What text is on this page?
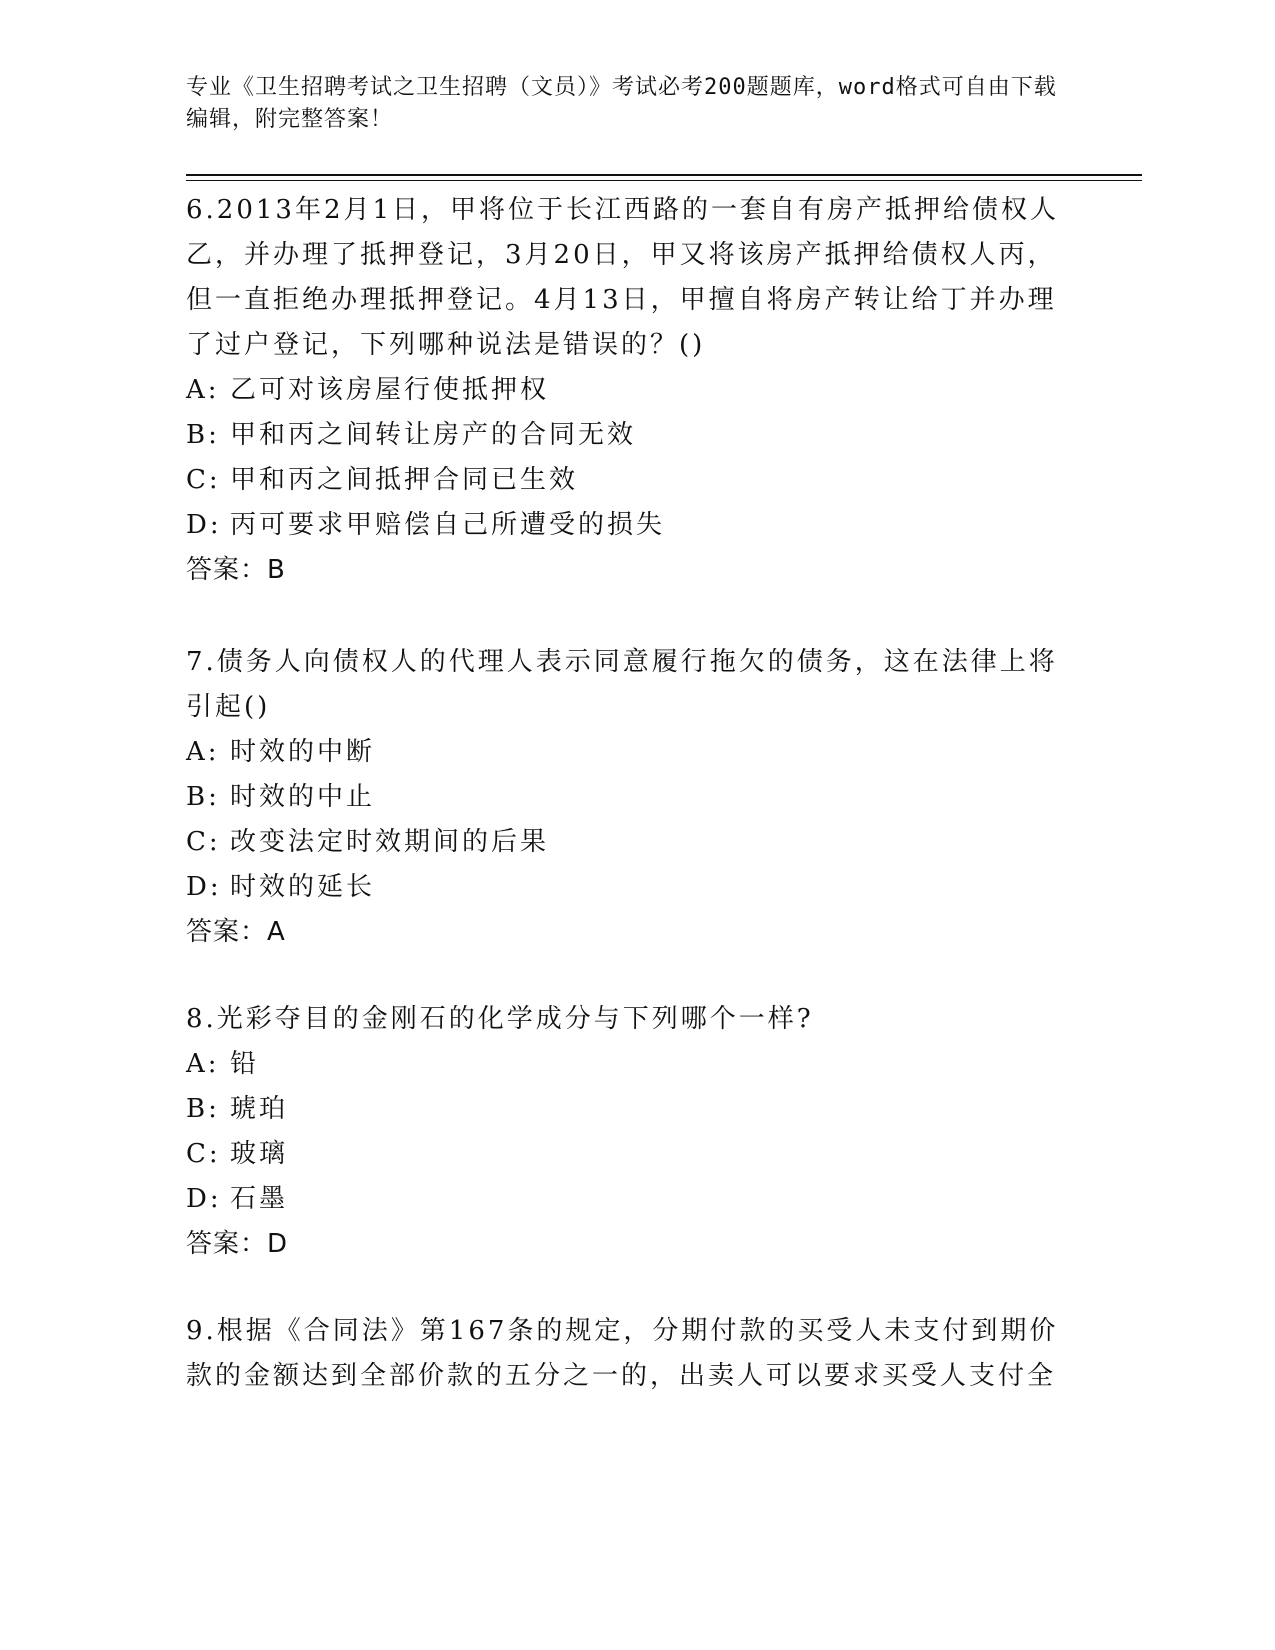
专业《卫生招聘考试之卫生招聘（文员）》考试必考200题题库，word格式可自由下载编辑，附完整答案！

6.2013年2月1日，甲将位于长江西路的一套自有房产抵押给债权人乙，并办理了抵押登记，3月20日，甲又将该房产抵押给债权人丙，但一直拒绝办理抵押登记。4月13日，甲擅自将房产转让给丁并办理了过户登记，下列哪种说法是错误的？()

A: 乙可对该房屋行使抵押权

B: 甲和丙之间转让房产的合同无效

C: 甲和丙之间抵押合同已生效

D: 丙可要求甲赔偿自己所遭受的损失

答案：B

7.债务人向债权人的代理人表示同意履行拖欠的债务，这在法律上将引起()

A: 时效的中断

B: 时效的中止

C: 改变法定时效期间的后果

D: 时效的延长

答案：A

8.光彩夺目的金刚石的化学成分与下列哪个一样?

A: 铅

B: 琥珀

C: 玻璃

D: 石墨

答案：D

9.根据《合同法》第167条的规定，分期付款的买受人未支付到期价款的金额达到全部价款的五分之一的，出卖人可以要求买受人支付全
